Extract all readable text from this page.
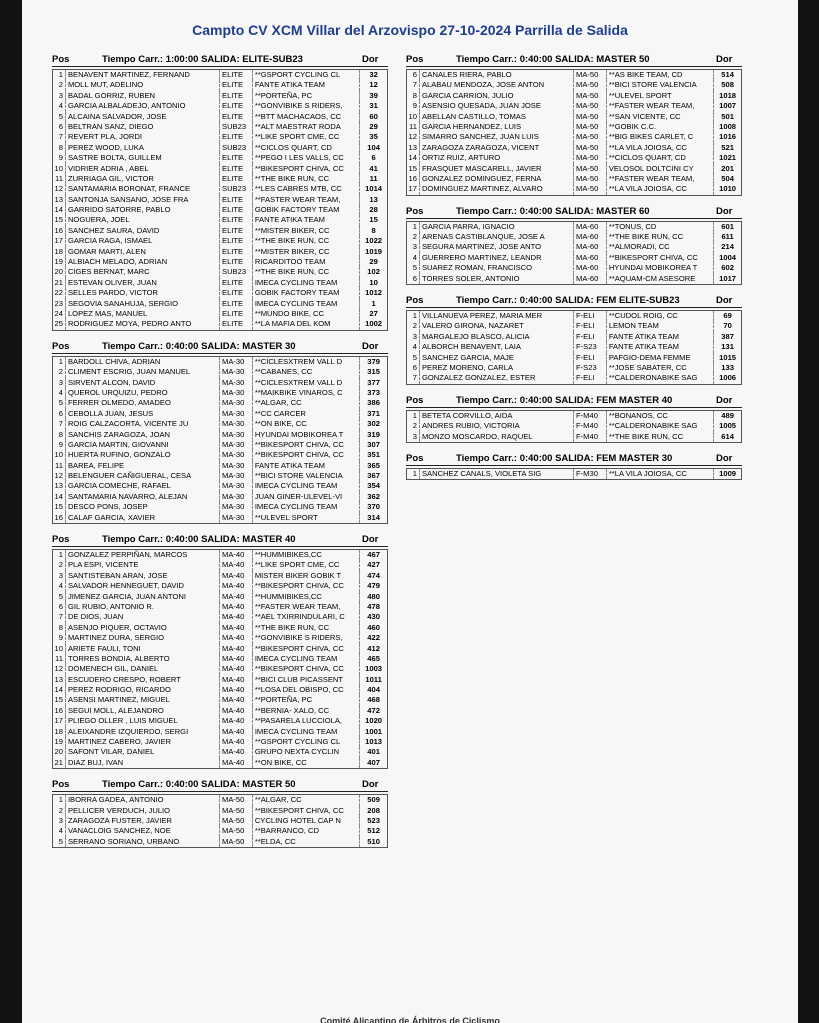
Campto CV XCM Villar del Arzovispo 27-10-2024 Parrilla de Salida
Pos	Tiempo Carr.: 1:00:00 SALIDA: ELITE-SUB23	Dor
1 BENAVENT MARTINEZ, FERNAND	ELITE	**GSPORT CYCLING CL	32
2 MOLL MUT, ADELINO	ELITE	FANTE ATIKA TEAM	12
3 BADAL GORRIZ, RUBEN	ELITE	**PORTEÑA, PC	39
4 GARCIA ALBALADEJO, ANTONIO	ELITE	**GONVIBIKE S RIDERS,	31
5 ALCAINA SALVADOR, JOSE	ELITE	**BTT MACHACAOS, CC	60
6 BELTRAN SANZ, DIEGO	SUB23	**ALT MAESTRAT RODA	29
7 REVERT PLA, JORDI	ELITE	**LIKE SPORT CME, CC	35
8 PEREZ WOOD, LUKA	SUB23	**CICLOS QUART, CD	104
9 SASTRE BOLTA, GUILLEM	ELITE	**PEGO I LES VALLS, CC	6
10 VIDRIER ADRIA , ABEL	ELITE	**BIKESPORT CHIVA, CC	41
11 ZURRIAGA GIL, VICTOR	ELITE	**THE BIKE RUN, CC	11
12 SANTAMARIA BORONAT, FRANCE	SUB23	**LES CABRES MTB, CC	1014
13 SANTONJA SANSANO, JOSE FRA	ELITE	**FASTER WEAR TEAM,	13
14 GARRIDO SATORRE, PABLO	ELITE	GOBIK FACTORY TEAM	28
15 NOGUERA, JOEL	ELITE	FANTE ATIKA TEAM	15
16 SANCHEZ SAURA, DAVID	ELITE	**MISTER BIKER, CC	8
17 GARCIA RAGA, ISMAEL	ELITE	**THE BIKE RUN, CC	1022
18 GOMAR MARTI, ALEN	ELITE	**MISTER BIKER, CC	1019
19 ALBIACH MELADO, ADRIAN	ELITE	RICARDITOO TEAM	29
20 CIGES BERNAT, MARC	SUB23	**THE BIKE RUN, CC	102
21 ESTEVAN OLIVER, JUAN	ELITE	IMECA CYCLING TEAM	10
22 SELLES PARDO, VICTOR	ELITE	GOBIK FACTORY TEAM	1012
23 SEGOVIA SANAHUJA, SERGIO	ELITE	IMECA CYCLING TEAM	1
24 LOPEZ MAS, MANUEL	ELITE	**MUNDO BIKE, CC	27
25 RODRIGUEZ MOYA, PEDRO ANTO	ELITE	**LA MAFIA DEL KOM	1002
Pos	Tiempo Carr.: 0:40:00 SALIDA: MASTER 30	Dor
1 BARDOLL CHIVA, ADRIAN	MA-30	**CICLESXTREM VALL D	379
2 CLIMENT ESCRIG, JUAN MANUEL	MA-30	**CABANES, CC	315
3 SIRVENT ALCON, DAVID	MA-30	**CICLESXTREM VALL D	377
4 QUEROL URQUIZU, PEDRO	MA-30	**MAIKBIKE VINAROS, C	373
5 FERRER OLMEDO, AMADEO	MA-30	**ALGAR, CC	386
6 CEBOLLA JUAN, JESUS	MA-30	**CC CARCER	371
7 ROIG CALZACORTA, VICENTE JU	MA-30	**ON BIKE, CC	302
8 SANCHIS ZARAGOZA, JOAN	MA-30	HYUNDAI MOBIKOREA T	319
9 GARCIA MARTIN, GIOVANNI	MA-30	**BIKESPORT CHIVA, CC	307
10 HUERTA RUFINO, GONZALO	MA-30	**BIKESPORT CHIVA, CC	351
11 BAREA, FELIPE	MA-30	FANTE ATIKA TEAM	365
12 BELENGUER CAÑIGUERAL, CESA	MA-30	**BICI STORE VALENCIA	367
13 GARCIA COMECHE, RAFAEL	MA-30	IMECA CYCLING TEAM	354
14 SANTAMARIA NAVARRO, ALEJAN	MA-30	JUAN GINER-ULEVEL-VI	362
15 DESCO PONS, JOSEP	MA-30	IMECA CYCLING TEAM	370
16 CALAF GARCIA, XAVIER	MA-30	**ULEVEL SPORT	314
Pos	Tiempo Carr.: 0:40:00 SALIDA: MASTER 40	Dor
1 GONZALEZ PERPIÑAN, MARCOS	MA-40	**HUMMIBIKES,CC	467
2 PLA ESPI, VICENTE	MA-40	**LIKE SPORT CME, CC	427
3 SANTISTEBAN ARAN, JOSE	MA-40	MISTER BIKER GOBIK T	474
4 SALVADOR HENNEGUET, DAVID	MA-40	**BIKESPORT CHIVA, CC	479
5 JIMENEZ GARCIA, JUAN ANTONI	MA-40	**HUMMIBIKES,CC	480
6 GIL RUBIO, ANTONIO R.	MA-40	**FASTER WEAR TEAM,	478
7 DE DIOS, JUAN	MA-40	**AEL TXIRRINDULARI, C	430
8 ASENJO PIQUER, OCTAVIO	MA-40	**THE BIKE RUN, CC	460
9 MARTINEZ DURA, SERGIO	MA-40	**GONVIBIKE S RIDERS,	422
10 ARIETE FAULI, TONI	MA-40	**BIKESPORT CHIVA, CC	412
11 TORRES BONDIA, ALBERTO	MA-40	IMECA CYCLING TEAM	465
12 DOMENECH GIL, DANIEL	MA-40	**BIKESPORT CHIVA, CC	1003
13 ESCUDERO CRESPO, ROBERT	MA-40	**BICI CLUB PICASSENT	1011
14 PEREZ RODRIGO, RICARDO	MA-40	**LOSA DEL OBISPO, CC	404
15 ASENSI MARTINEZ, MIGUEL	MA-40	**PORTEÑA, PC	468
16 SEGUI MOLL, ALEJANDRO	MA-40	**BERNIA- XALO, CC	472
17 PLIEGO OLLER , LUIS MIGUEL	MA-40	**PASARELA LUCCIOLA,	1020
18 ALEIXANDRE IZQUIERDO, SERGI	MA-40	IMECA CYCLING TEAM	1001
19 MARTINEZ CABERO, JAVIER	MA-40	**GSPORT CYCLING CL	1013
20 SAFONT VILAR, DANIEL	MA-40	GRUPO NEXTA CYCLIN	401
21 DIAZ BUJ, IVAN	MA-40	**ON BIKE, CC	407
Pos	Tiempo Carr.: 0:40:00 SALIDA: MASTER 50	Dor
1 IBORRA GADEA, ANTONIO	MA-50	**ALGAR, CC	509
2 PELLICER VERDUCH, JULIO	MA-50	**BIKESPORT CHIVA, CC	208
3 ZARAGOZA FUSTER, JAVIER	MA-50	CYCLING HOTEL CAP N	523
4 VANACLOIG SANCHEZ, NOE	MA-50	**BARRANCO, CD	512
5 SERRANO SORIANO, URBANO	MA-50	**ELDA, CC	510
Pos	Tiempo Carr.: 0:40:00 SALIDA: MASTER 50	Dor
6 CANALES RIERA, PABLO	MA-50	**AS BIKE TEAM, CD	514
7 ALABAU MENDOZA, JOSE ANTON	MA-50	**BICI STORE VALENCIA	508
8 GARCIA CARRION, JULIO	MA-50	**ULEVEL SPORT	1018
9 ASENSIO QUESADA, JUAN JOSE	MA-50	**FASTER WEAR TEAM,	1007
10 ABELLAN CASTILLO, TOMAS	MA-50	**SAN VICENTE, CC	501
11 GARCIA HERNANDEZ, LUIS	MA-50	**GOBIK C.C.	1008
12 SIMARRO SANCHEZ, JUAN LUIS	MA-50	**BIG BIKES CARLET, C	1016
13 ZARAGOZA ZARAGOZA, VICENT	MA-50	**LA VILA JOIOSA, CC	521
14 ORTIZ RUIZ, ARTURO	MA-50	**CICLOS QUART, CD	1021
15 FRASQUET MASCARELL, JAVIER	MA-50	VELOSOL DOLTCINI CY	201
16 GONZALEZ DOMINGUEZ, FERNA	MA-50	**FASTER WEAR TEAM,	504
17 DOMINGUEZ MARTINEZ, ALVARO	MA-50	**LA VILA JOIOSA, CC	1010
Pos	Tiempo Carr.: 0:40:00 SALIDA: MASTER 60	Dor
1 GARCIA PARRA, IGNACIO	MA-60	**TONUS, CD	601
2 ARENAS CASTIBLANQUE, JOSE A	MA-60	**THE BIKE RUN, CC	611
3 SEGURA MARTINEZ, JOSE ANTO	MA-60	**ALMORADI, CC	214
4 GUERRERO MARTINEZ, LEANDR	MA-60	**BIKESPORT CHIVA, CC	1004
5 SUAREZ ROMAN, FRANCISCO	MA-60	HYUNDAI MOBIKOREA T	602
6 TORRES SOLER, ANTONIO	MA-60	**AQUAM-CM ASESORE	1017
Pos	Tiempo Carr.: 0:40:00 SALIDA: FEM ELITE-SUB23	Dor
1 VILLANUEVA PEREZ, MARIA MER	F-ELI	**CUDOL ROIG, CC	69
2 VALERO GIRONA, NAZARET	F-ELI	LEMON TEAM	70
3 MARGALEJO BLASCO, ALICIA	F-ELI	FANTE ATIKA TEAM	387
4 ALBORCH BENAVENT, LAIA	F-S23	FANTE ATIKA TEAM	131
5 SANCHEZ GARCIA, MAJE	F-ELI	PAFGIO-DEMA FEMME	1015
6 PEREZ MORENO, CARLA	F-S23	**JOSE SABATER, CC	133
7 GONZALEZ GONZALEZ, ESTER	F-ELI	**CALDERONABIKE SAG	1006
Pos	Tiempo Carr.: 0:40:00 SALIDA: FEM MASTER 40	Dor
1 BETETA CORVILLO, AIDA	F-M40	**BONANOS, CC	489
2 ANDRES RUBIO, VICTORIA	F-M40	**CALDERONABIKE SAG	1005
3 MONZO MOSCARDO, RAQUEL	F-M40	**THE BIKE RUN, CC	614
Pos	Tiempo Carr.: 0:40:00 SALIDA: FEM MASTER 30	Dor
1 SANCHEZ CANALS, VIOLETA SIG	F-M30	**LA VILA JOIOSA, CC	1009
Comité Alicantino de Árbitros de Ciclismo
